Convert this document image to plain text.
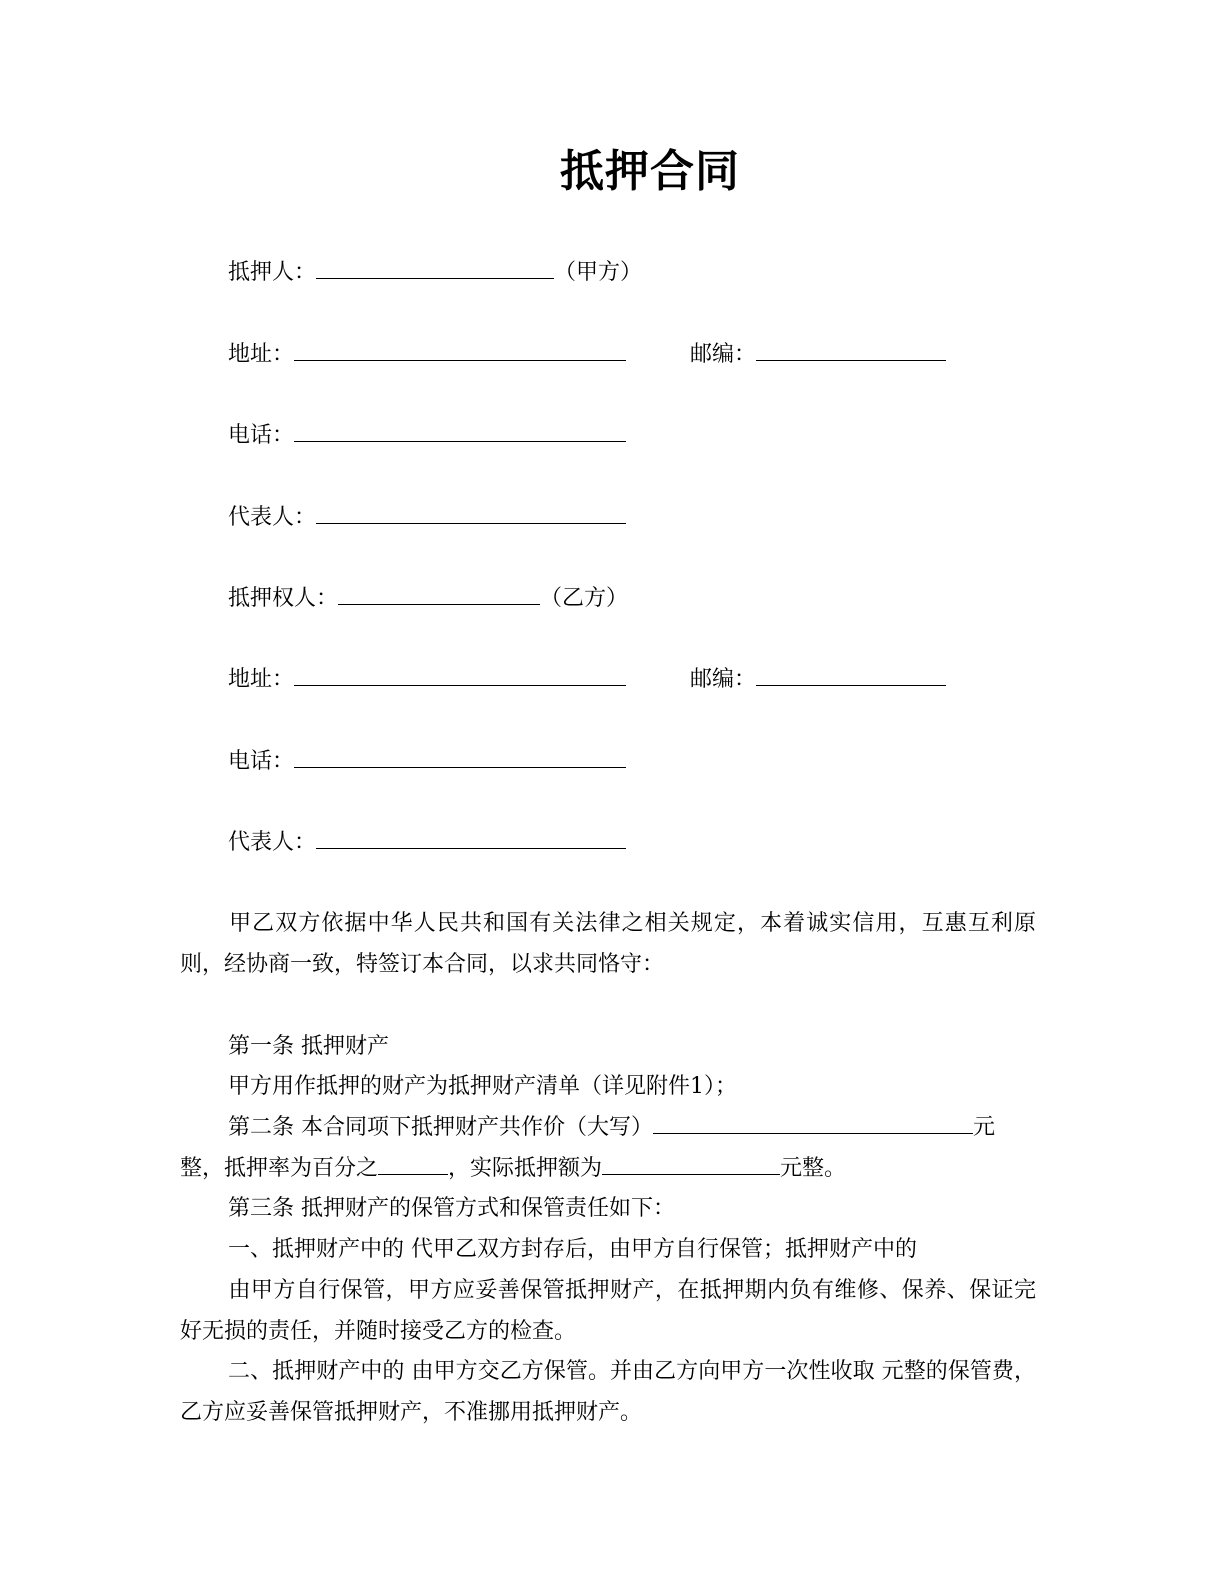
抵押合同
抵押人：	（甲方）
地址：	邮编：
电话：
代表人：
抵押权人：	（乙方）
地址：	邮编：
电话：
代表人：
甲乙双方依据中华人民共和国有关法律之相关规定，本着诚实信用，互惠互利原则，经协商一致，特签订本合同，以求共同恪守：
第一条 抵押财产
甲方用作抵押的财产为抵押财产清单（详见附件1）；
第二条 本合同项下抵押财产共作价（大写）	元
整，抵押率为百分之	，实际抵押额为	元整。
第三条 抵押财产的保管方式和保管责任如下：
一、抵押财产中的 代甲乙双方封存后，由甲方自行保管；抵押财产中的
由甲方自行保管，甲方应妥善保管抵押财产，在抵押期内负有维修、保养、保证完好无损的责任，并随时接受乙方的检查。
二、抵押财产中的 由甲方交乙方保管。并由乙方向甲方一次性收取 元整的保管费，乙方应妥善保管抵押财产，不准挪用抵押财产。
